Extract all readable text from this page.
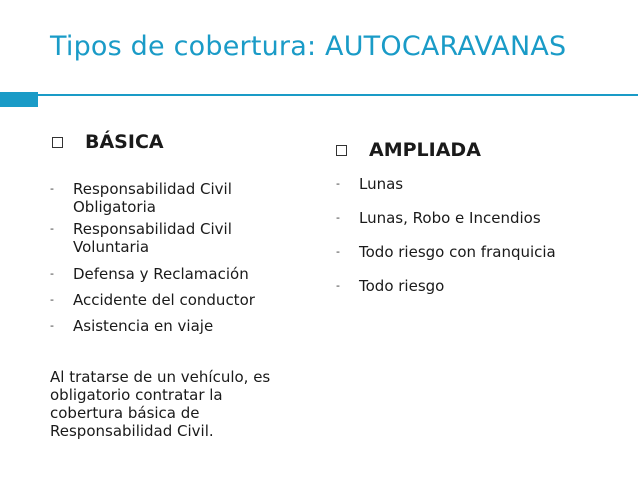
Tipos de cobertura: AUTOCARAVANAS
BÁSICA
- Responsabilidad Civil Obligatoria
- Responsabilidad Civil Voluntaria
- Defensa y Reclamación
- Accidente del conductor
- Asistencia en viaje
Al tratarse de un vehículo, es obligatorio contratar la cobertura básica de Responsabilidad Civil.
AMPLIADA
- Lunas
- Lunas, Robo e Incendios
- Todo riesgo con franquicia
- Todo riesgo
